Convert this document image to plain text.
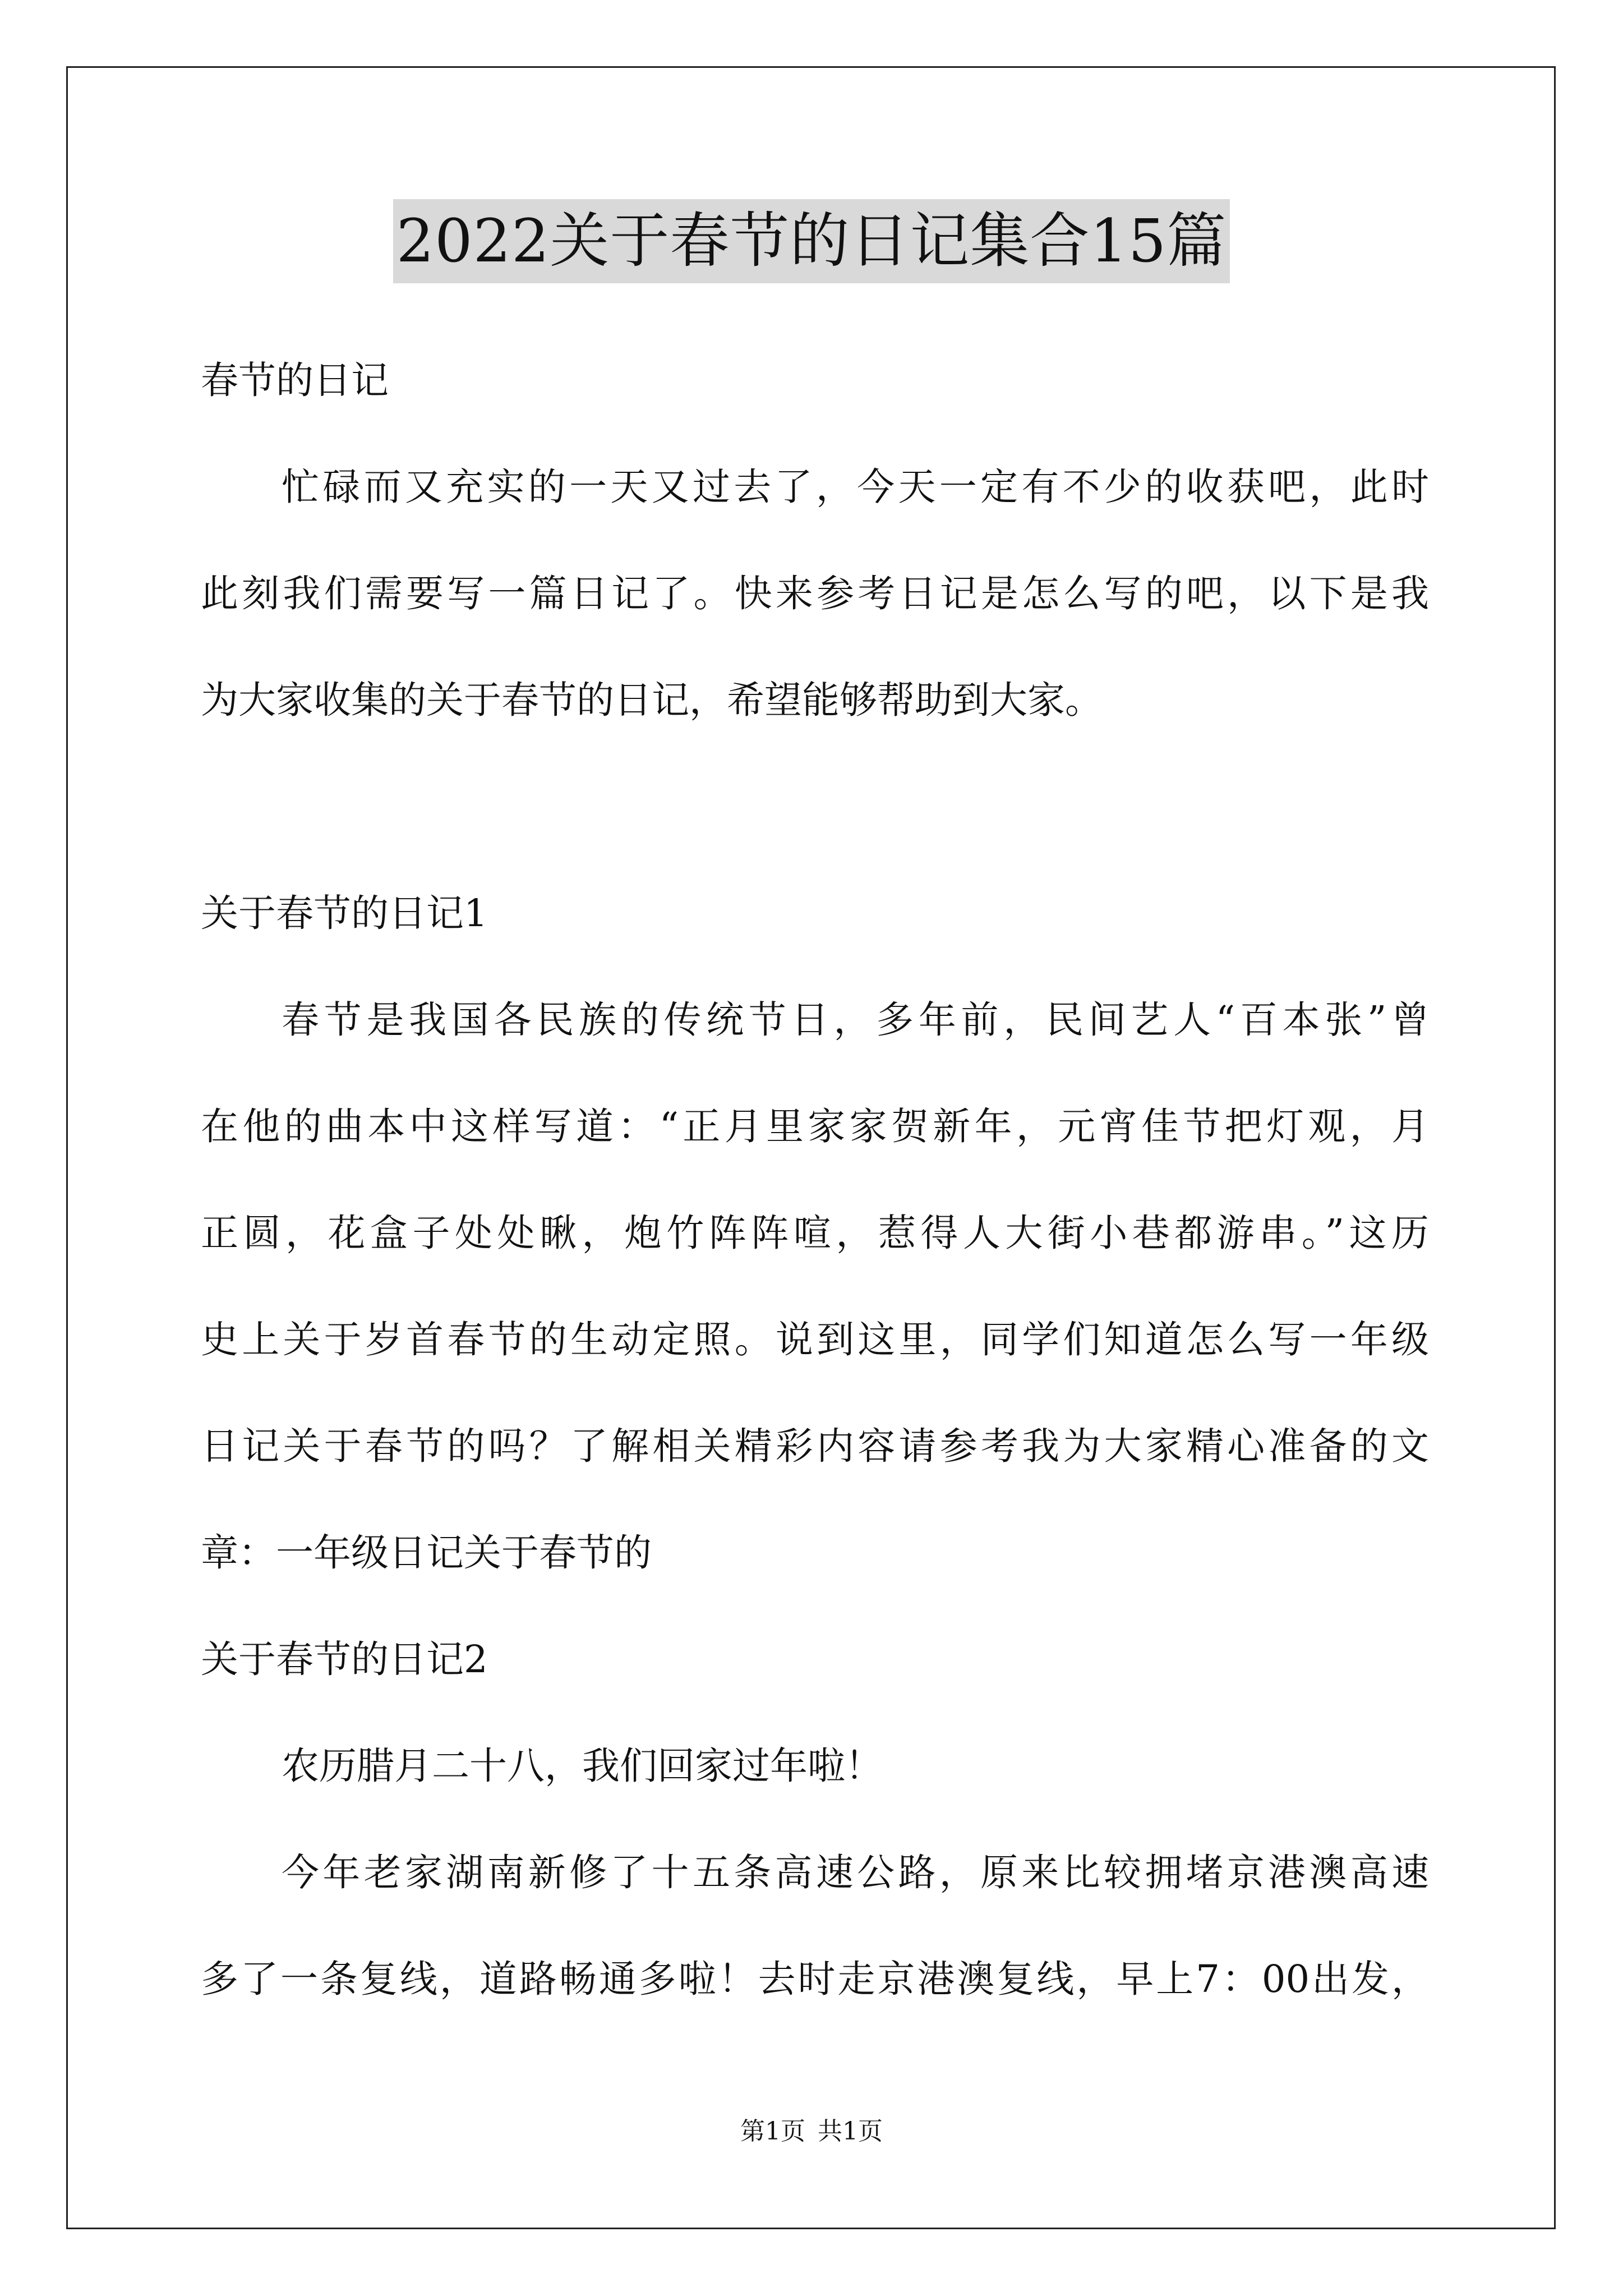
2022关于春节的日记集合15篇
春节的日记
忙碌而又充实的一天又过去了，今天一定有不少的收获吧，此时
此刻我们需要写一篇日记了。快来参考日记是怎么写的吧，以下是我
为大家收集的关于春节的日记，希望能够帮助到大家。
关于春节的日记1
春节是我国各民族的传统节日，多年前，民间艺人“百本张”曾
在他的曲本中这样写道：“正月里家家贺新年，元宵佳节把灯观，月
正圆，花盒子处处瞅，炮竹阵阵喧，惹得人大街小巷都游串。”这历
史上关于岁首春节的生动定照。说到这里，同学们知道怎么写一年级
日记关于春节的吗？了解相关精彩内容请参考我为大家精心准备的文
章：一年级日记关于春节的
关于春节的日记2
农历腊月二十八，我们回家过年啦！
今年老家湖南新修了十五条高速公路，原来比较拥堵京港澳高速
多了一条复线，道路畅通多啦！去时走京港澳复线，早上7：00出发，
第1页 共1页
